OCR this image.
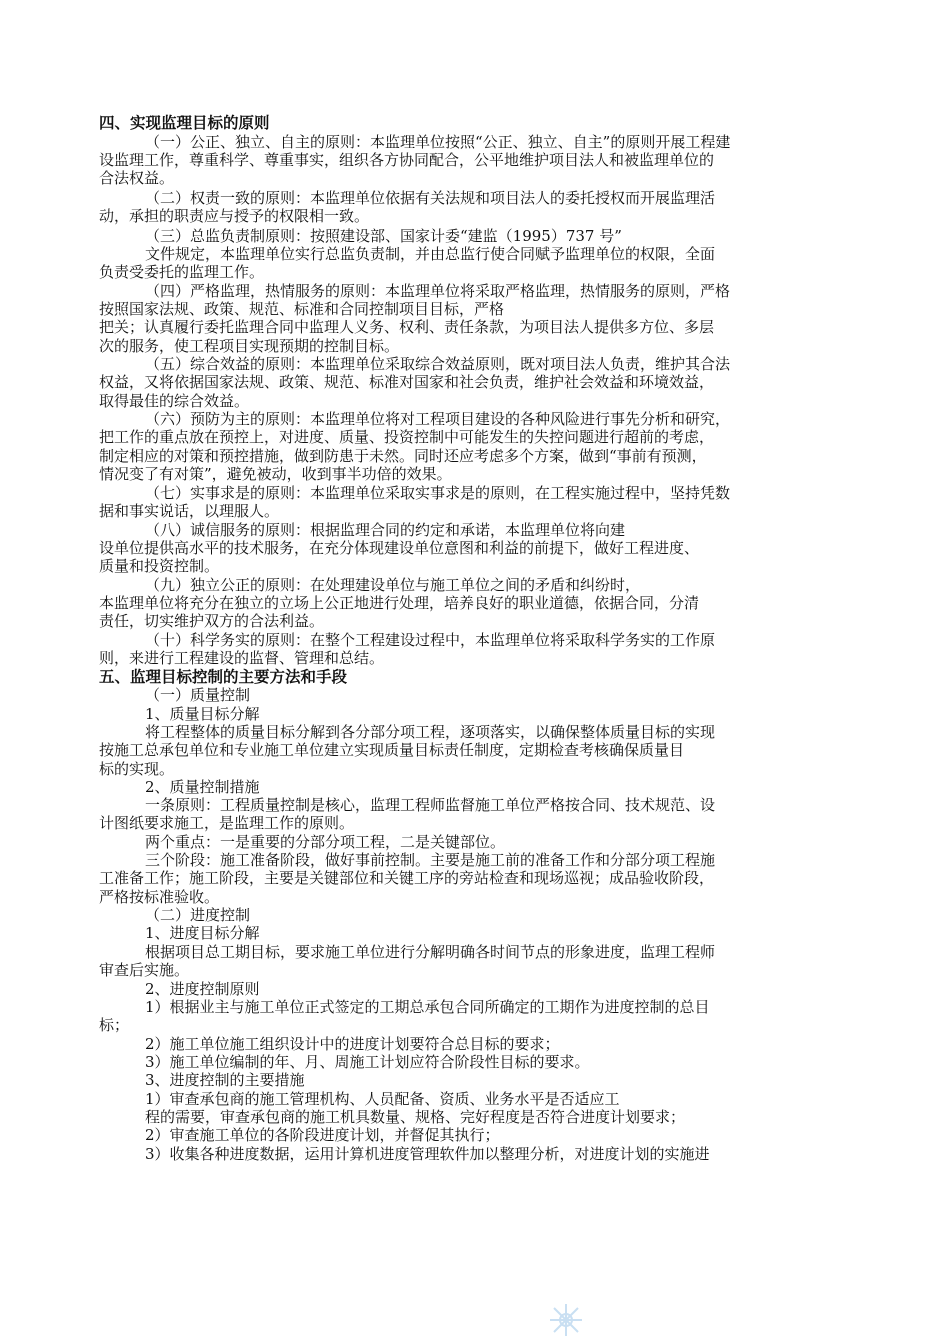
四、实现监理目标的原则
（一）公正、独立、自主的原则：本监理单位按照“公正、独立、自主”的原则开展工程建
设监理工作，尊重科学、尊重事实，组织各方协同配合，公平地维护项目法人和被监理单位的
合法权益。
（二）权责一致的原则：本监理单位依据有关法规和项目法人的委托授权而开展监理活
动，承担的职责应与授予的权限相一致。
（三）总监负责制原则：按照建设部、国家计委“建监（1995）737 号”
文件规定，本监理单位实行总监负责制，并由总监行使合同赋予监理单位的权限，全面
负责受委托的监理工作。
（四）严格监理，热情服务的原则：本监理单位将采取严格监理，热情服务的原则，严格
按照国家法规、政策、规范、标准和合同控制项目目标，严格
把关；认真履行委托监理合同中监理人义务、权利、责任条款，为项目法人提供多方位、多层
次的服务，使工程项目实现预期的控制目标。
（五）综合效益的原则：本监理单位采取综合效益原则，既对项目法人负责，维护其合法
权益，又将依据国家法规、政策、规范、标准对国家和社会负责，维护社会效益和环境效益，
取得最佳的综合效益。
（六）预防为主的原则：本监理单位将对工程项目建设的各种风险进行事先分析和研究，
把工作的重点放在预控上，对进度、质量、投资控制中可能发生的失控问题进行超前的考虑，
制定相应的对策和预控措施，做到防患于未然。同时还应考虑多个方案，做到“事前有预测，
情况变了有对策”，避免被动，收到事半功倍的效果。
（七）实事求是的原则：本监理单位采取实事求是的原则，在工程实施过程中，坚持凭数
据和事实说话，以理服人。
（八）诚信服务的原则：根据监理合同的约定和承诺，本监理单位将向建
设单位提供高水平的技术服务，在充分体现建设单位意图和利益的前提下，做好工程进度、
质量和投资控制。
（九）独立公正的原则：在处理建设单位与施工单位之间的矛盾和纠纷时，
本监理单位将充分在独立的立场上公正地进行处理，培养良好的职业道德，依据合同，分清
责任，切实维护双方的合法利益。
（十）科学务实的原则：在整个工程建设过程中，本监理单位将采取科学务实的工作原
则，来进行工程建设的监督、管理和总结。
五、监理目标控制的主要方法和手段
（一）质量控制
1、质量目标分解
将工程整体的质量目标分解到各分部分项工程，逐项落实，以确保整体质量目标的实现
按施工总承包单位和专业施工单位建立实现质量目标责任制度，定期检查考核确保质量目
标的实现。
2、质量控制措施
一条原则：工程质量控制是核心，监理工程师监督施工单位严格按合同、技术规范、设
计图纸要求施工，是监理工作的原则。
两个重点：一是重要的分部分项工程，二是关键部位。
三个阶段：施工准备阶段，做好事前控制。主要是施工前的准备工作和分部分项工程施
工准备工作；施工阶段，主要是关键部位和关键工序的旁站检查和现场巡视；成品验收阶段，
严格按标准验收。
（二）进度控制
1、进度目标分解
根据项目总工期目标，要求施工单位进行分解明确各时间节点的形象进度，监理工程师
审查后实施。
2、进度控制原则
1）根据业主与施工单位正式签定的工期总承包合同所确定的工期作为进度控制的总目
标；
2）施工单位施工组织设计中的进度计划要符合总目标的要求；
3）施工单位编制的年、月、周施工计划应符合阶段性目标的要求。
3、进度控制的主要措施
1）审查承包商的施工管理机构、人员配备、资质、业务水平是否适应工
程的需要，审查承包商的施工机具数量、规格、完好程度是否符合进度计划要求；
2）审查施工单位的各阶段进度计划，并督促其执行；
3）收集各种进度数据，运用计算机进度管理软件加以整理分析，对进度计划的实施进
